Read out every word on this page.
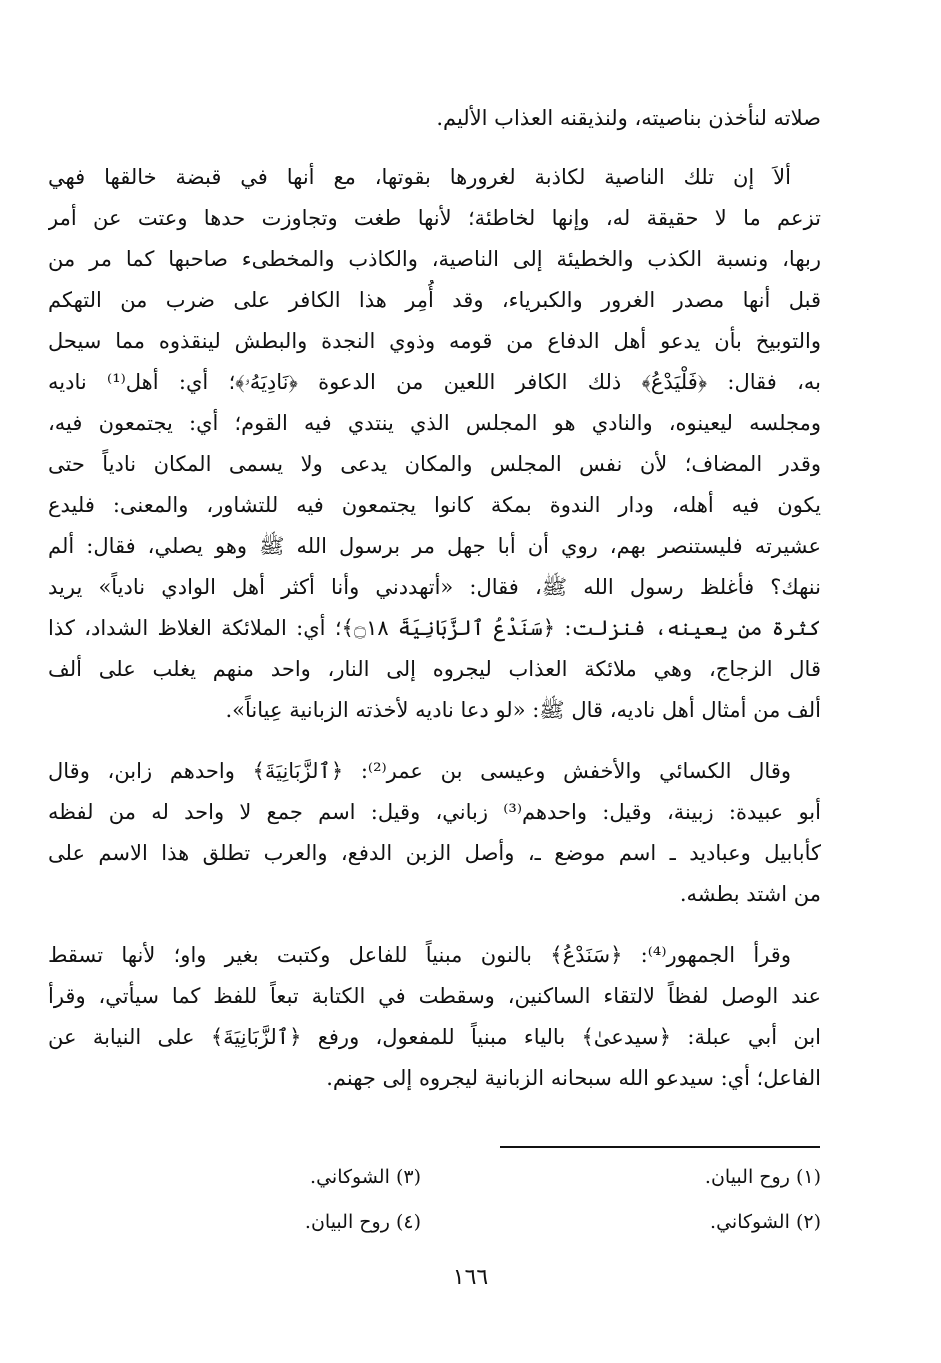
صلاته لنأخذن بناصيته، ولنذيقنه العذاب الأليم.
ألاَ إن تلك الناصية لكاذبة لغرورها بقوتها، مع أنها في قبضة خالقها فهي
تزعم ما لا حقيقة له، وإنها لخاطئة؛ لأنها طغت وتجاوزت حدها وعتت عن أمر
ربها، ونسبة الكذب والخطيئة إلى الناصية، والكاذب والمخطىء صاحبها كما مر من
قبل أنها مصدر الغرور والكبرياء، وقد أُمِر هذا الكافر على ضرب من التهكم
والتوبيخ بأن يدعو أهل الدفاع من قومه وذوي النجدة والبطش لينقذوه مما سيحل
به، فقال: ﴿فَلْيَدْعُ﴾ ذلك الكافر اللعين من الدعوة ﴿نَادِيَهُۥ﴾؛ أي: أهل⁽¹⁾ ناديه
ومجلسه ليعينوه، والنادي هو المجلس الذي ينتدي فيه القوم؛ أي: يجتمعون فيه،
وقدر المضاف؛ لأن نفس المجلس والمكان يدعى ولا يسمى المكان نادياً حتى
يكون فيه أهله، ودار الندوة بمكة كانوا يجتمعون فيه للتشاور، والمعنى: فليدع
عشيرته فليستنصر بهم، روي أن أبا جهل مر برسول الله ﷺ وهو يصلي، فقال: ألم
ننهك؟ فأغلظ رسول الله ﷺ، فقال: «أتهددني وأنا أكثر أهل الوادي نادياً» يريد
كثرة من يعينه، فنزلت: ﴿سَنَدْعُ ٱلزَّبَانِيَةَ ۝١٨﴾؛ أي: الملائكة الغلاظ الشداد، كذا
قال الزجاج، وهي ملائكة العذاب ليجروه إلى النار، واحد منهم يغلب على ألف
ألف من أمثال أهل ناديه، قال ﷺ: «لو دعا ناديه لأخذته الزبانية عِياناً».
وقال الكسائي والأخفش وعيسى بن عمر⁽²⁾: ﴿ٱلزَّبَانِيَةَ﴾ واحدهم زابن، وقال
أبو عبيدة: زبينة، وقيل: واحدهم⁽³⁾ زباني، وقيل: اسم جمع لا واحد له من لفظه
كأبابيل وعباديد ـ اسم موضع ـ، وأصل الزبن الدفع، والعرب تطلق هذا الاسم على
من اشتد بطشه.
وقرأ الجمهور⁽⁴⁾: ﴿سَنَدْعُ﴾ بالنون مبنياً للفاعل وكتبت بغير واو؛ لأنها تسقط
عند الوصل لفظاً لالتقاء الساكنين، وسقطت في الكتابة تبعاً للفظ كما سيأتي، وقرأ
ابن أبي عبلة: ﴿سيدعىٰ﴾ بالياء مبنياً للمفعول، ورفع ﴿ٱلزَّبَانِيَةَ﴾ على النيابة عن
الفاعل؛ أي: سيدعو الله سبحانه الزبانية ليجروه إلى جهنم.
(١) روح البيان.
(٢) الشوكاني.
(٣) الشوكاني.
(٤) روح البيان.
١٦٦
